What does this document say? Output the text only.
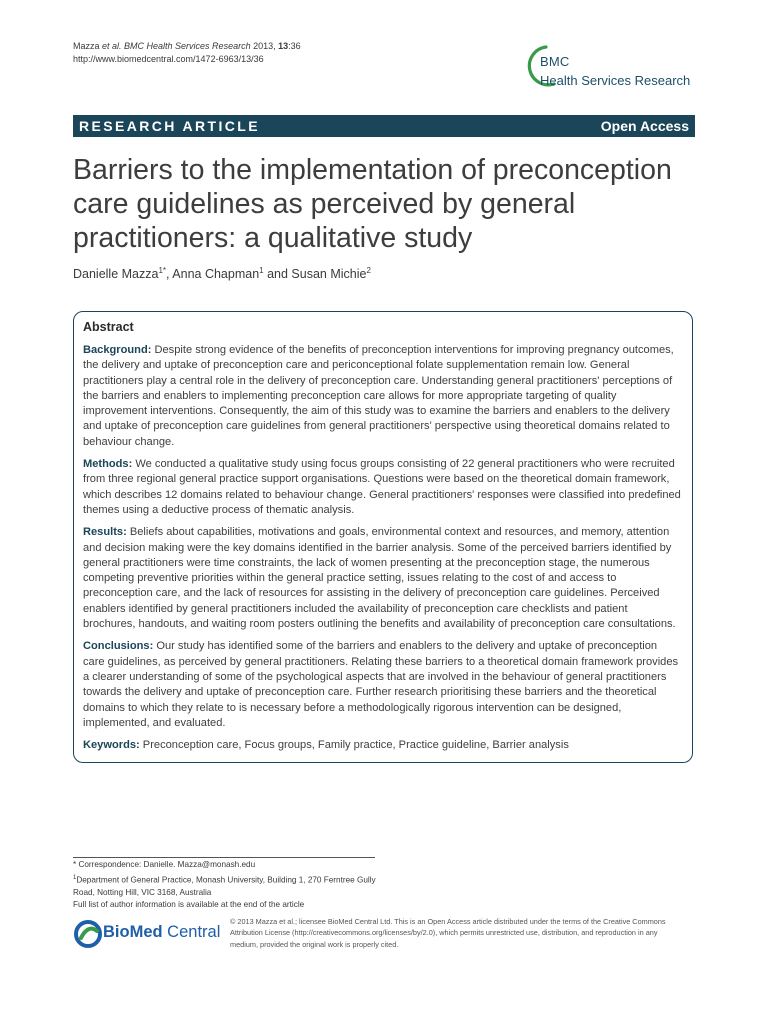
Mazza et al. BMC Health Services Research 2013, 13:36
http://www.biomedcentral.com/1472-6963/13/36	BMC
Health Services Research
RESEARCH ARTICLE	Open Access
Barriers to the implementation of preconception care guidelines as perceived by general practitioners: a qualitative study
Danielle Mazza$^{1*}$, Anna Chapman$^1$ and Susan Michie$^2$
Abstract

Background: Despite strong evidence of the benefits of preconception interventions for improving pregnancy outcomes, the delivery and uptake of preconception care and periconceptional folate supplementation remain low. General practitioners play a central role in the delivery of preconception care. Understanding general practitioners' perceptions of the barriers and enablers to implementing preconception care allows for more appropriate targeting of quality improvement interventions. Consequently, the aim of this study was to examine the barriers and enablers to the delivery and uptake of preconception care guidelines from general practitioners' perspective using theoretical domains related to behaviour change.

Methods: We conducted a qualitative study using focus groups consisting of 22 general practitioners who were recruited from three regional general practice support organisations. Questions were based on the theoretical domain framework, which describes 12 domains related to behaviour change. General practitioners' responses were classified into predefined themes using a deductive process of thematic analysis.

Results: Beliefs about capabilities, motivations and goals, environmental context and resources, and memory, attention and decision making were the key domains identified in the barrier analysis. Some of the perceived barriers identified by general practitioners were time constraints, the lack of women presenting at the preconception stage, the numerous competing preventive priorities within the general practice setting, issues relating to the cost of and access to preconception care, and the lack of resources for assisting in the delivery of preconception care guidelines. Perceived enablers identified by general practitioners included the availability of preconception care checklists and patient brochures, handouts, and waiting room posters outlining the benefits and availability of preconception care consultations.

Conclusions: Our study has identified some of the barriers and enablers to the delivery and uptake of preconception care guidelines, as perceived by general practitioners. Relating these barriers to a theoretical domain framework provides a clearer understanding of some of the psychological aspects that are involved in the behaviour of general practitioners towards the delivery and uptake of preconception care. Further research prioritising these barriers and the theoretical domains to which they relate to is necessary before a methodologically rigorous intervention can be designed, implemented, and evaluated.

Keywords: Preconception care, Focus groups, Family practice, Practice guideline, Barrier analysis

* Correspondence: Danielle. Mazza@monash.edu
$^1$Department of General Practice, Monash University, Building 1, 270 Ferntree Gully Road, Notting Hill, VIC 3168, Australia
Full list of author information is available at the end of the article
BioMed Central
© 2013 Mazza et al.; licensee BioMed Central Ltd. This is an Open Access article distributed under the terms of the Creative Commons Attribution License (http://creativecommons.org/licenses/by/2.0), which permits unrestricted use, distribution, and reproduction in any medium, provided the original work is properly cited.
